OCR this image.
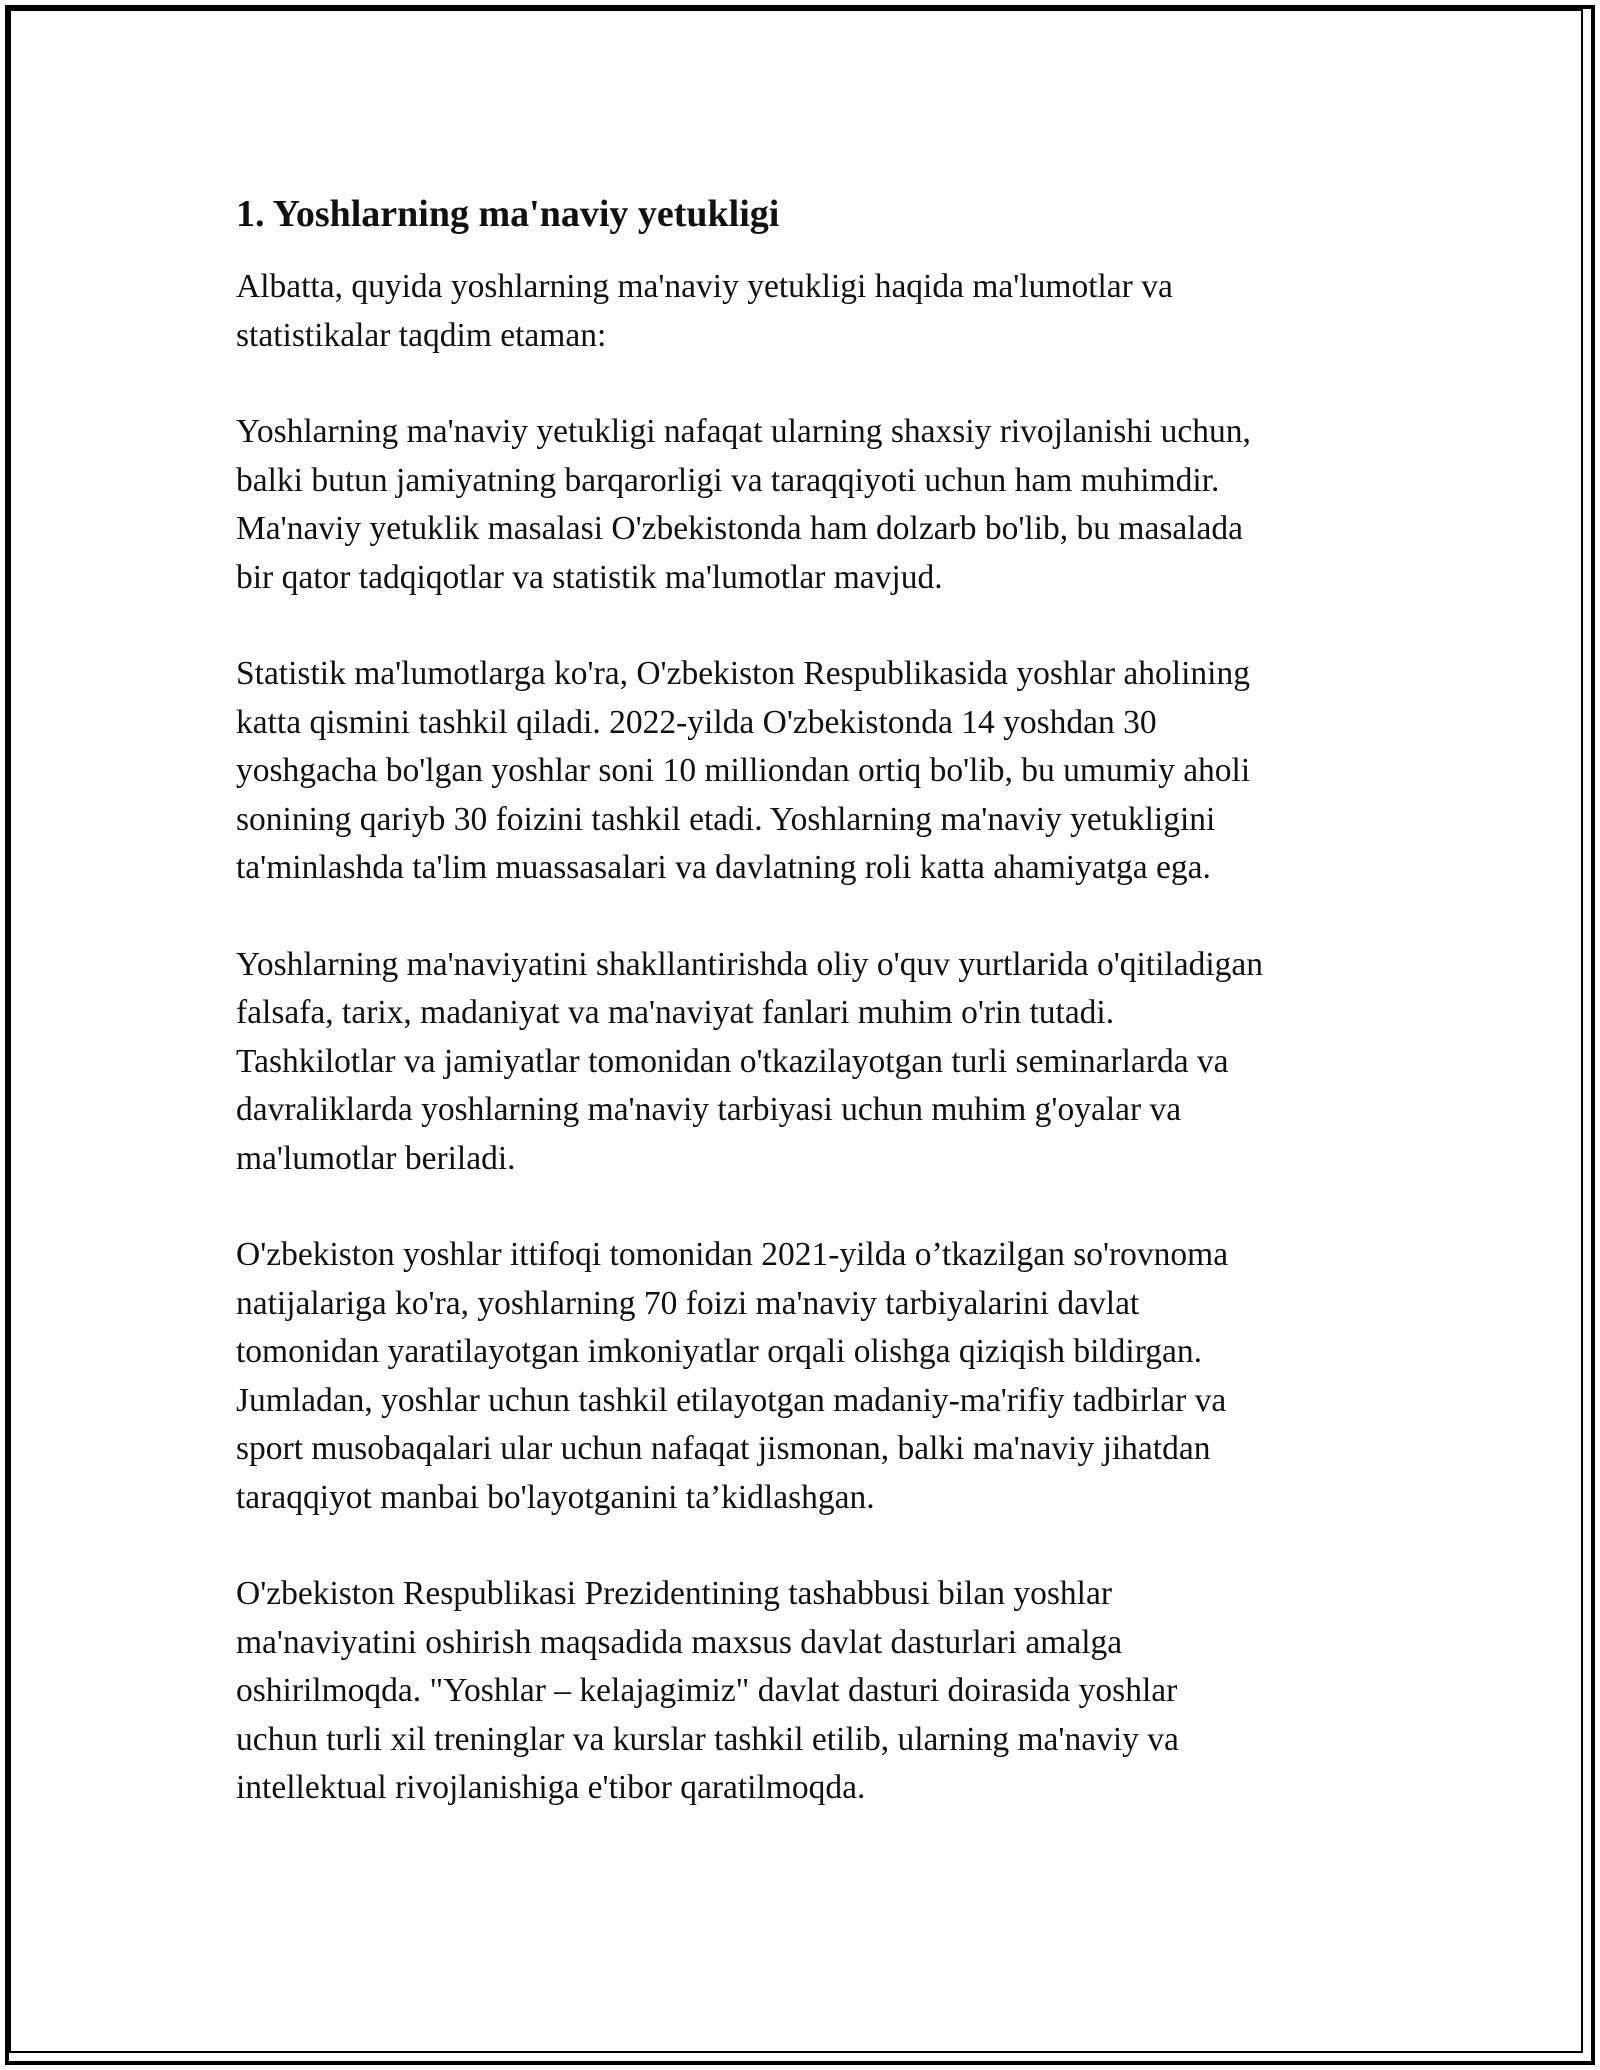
1. Yoshlarning ma'naviy yetukligi

Albatta, quyida yoshlarning ma'naviy yetukligi haqida ma'lumotlar va
statistikalar taqdim etaman:

Yoshlarning ma'naviy yetukligi nafaqat ularning shaxsiy rivojlanishi uchun,
balki butun jamiyatning barqarorligi va taraqqiyoti uchun ham muhimdir.
Ma'naviy yetuklik masalasi O'zbekistonda ham dolzarb bo'lib, bu masalada
bir qator tadqiqotlar va statistik ma'lumotlar mavjud.

Statistik ma'lumotlarga ko'ra, O'zbekiston Respublikasida yoshlar aholining
katta qismini tashkil qiladi. 2022-yilda O'zbekistonda 14 yoshdan 30
yoshgacha bo'lgan yoshlar soni 10 milliondan ortiq bo'lib, bu umumiy aholi
sonining qariyb 30 foizini tashkil etadi. Yoshlarning ma'naviy yetukligini
ta'minlashda ta'lim muassasalari va davlatning roli katta ahamiyatga ega.

Yoshlarning ma'naviyatini shakllantirishda oliy o'quv yurtlarida o'qitiladigan
falsafa, tarix, madaniyat va ma'naviyat fanlari muhim o'rin tutadi.
Tashkilotlar va jamiyatlar tomonidan o'tkazilayotgan turli seminarlarda va
davraliklarda yoshlarning ma'naviy tarbiyasi uchun muhim g'oyalar va
ma'lumotlar beriladi.

O'zbekiston yoshlar ittifoqi tomonidan 2021-yilda o’tkazilgan so'rovnoma
natijalariga ko'ra, yoshlarning 70 foizi ma'naviy tarbiyalarini davlat
tomonidan yaratilayotgan imkoniyatlar orqali olishga qiziqish bildirgan.
Jumladan, yoshlar uchun tashkil etilayotgan madaniy-ma'rifiy tadbirlar va
sport musobaqalari ular uchun nafaqat jismonan, balki ma'naviy jihatdan
taraqqiyot manbai bo'layotganini ta’kidlashgan.

O'zbekiston Respublikasi Prezidentining tashabbusi bilan yoshlar
ma'naviyatini oshirish maqsadida maxsus davlat dasturlari amalga
oshirilmoqda. "Yoshlar – kelajagimiz" davlat dasturi doirasida yoshlar
uchun turli xil treninglar va kurslar tashkil etilib, ularning ma'naviy va
intellektual rivojlanishiga e'tibor qaratilmoqda.
